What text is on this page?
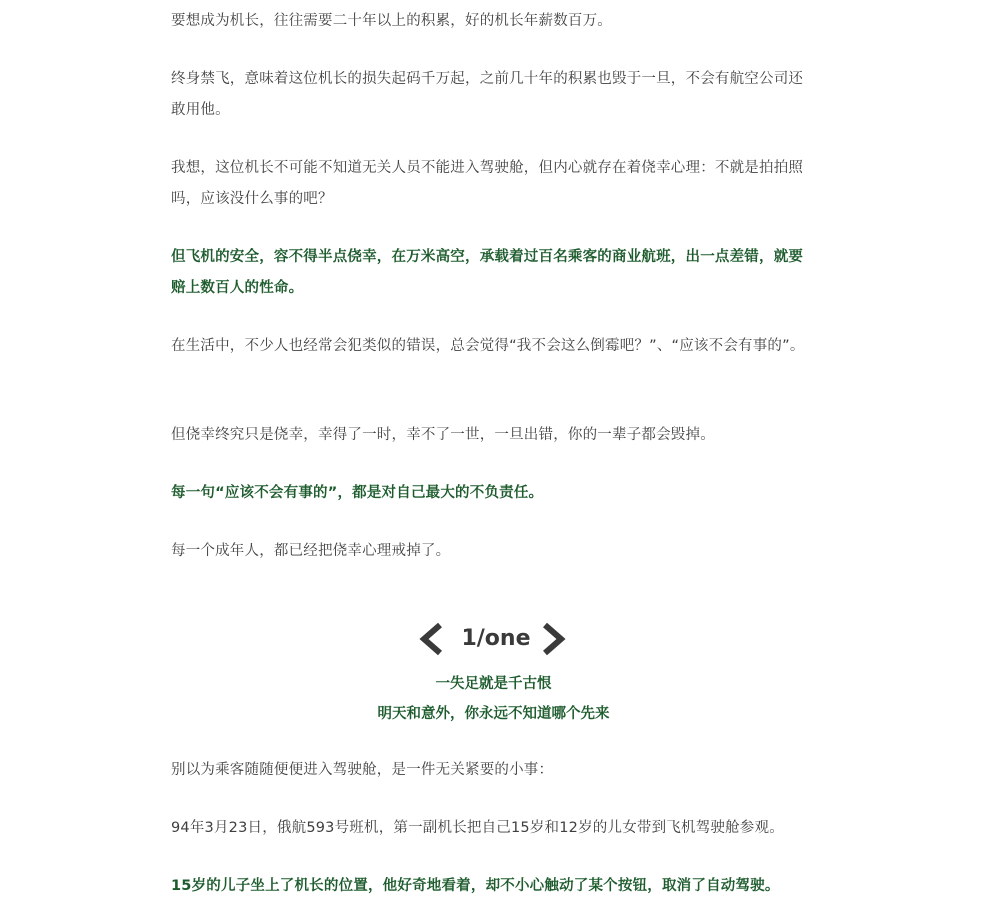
要想成为机长，往往需要二十年以上的积累，好的机长年薪数百万。

终身禁飞，意味着这位机长的损失起码千万起，之前几十年的积累也毁于一旦，不会有航空公司还敢用他。

我想，这位机长不可能不知道无关人员不能进入驾驶舱，但内心就存在着侥幸心理：不就是拍拍照吗，应该没什么事的吧？

但飞机的安全，容不得半点侥幸，在万米高空，承载着过百名乘客的商业航班，出一点差错，就要赔上数百人的性命。

在生活中，不少人也经常会犯类似的错误，总会觉得“我不会这么倒霉吧？”、“应该不会有事的”。

但侥幸终究只是侥幸，幸得了一时，幸不了一世，一旦出错，你的一辈子都会毁掉。

每一句“应该不会有事的”，都是对自己最大的不负责任。

每一个成年人，都已经把侥幸心理戒掉了。

1/one

一失足就是千古恨

明天和意外，你永远不知道哪个先来

别以为乘客随随便便进入驾驶舱，是一件无关紧要的小事：

94年3月23日，俄航593号班机，第一副机长把自己15岁和12岁的儿女带到飞机驾驶舱参观。

15岁的儿子坐上了机长的位置，他好奇地看着，却不小心触动了某个按钮，取消了自动驾驶。
